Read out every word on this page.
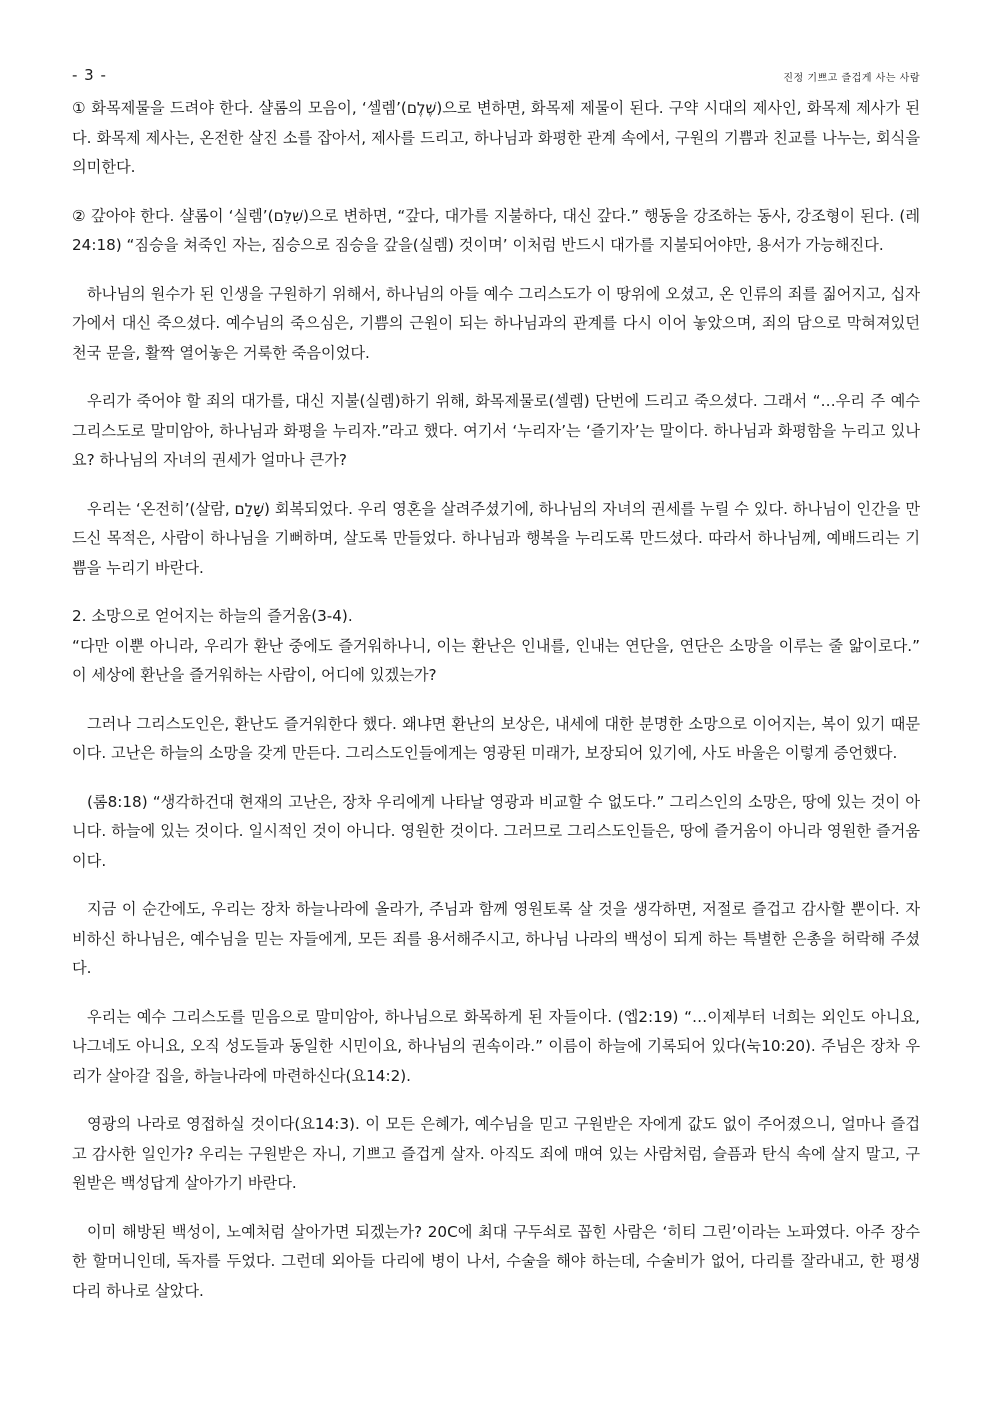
- 3 -	진정 기쁘고 즐겁게 사는 사람

① 화목제물을 드려야 한다. 샬롬의 모음이, ‘셀렘’(שֶׁלֶם)으로 변하면, 화목제 제물이 된다. 구약 시대의 제사인, 화목제 제사가 된다. 화목제 제사는, 온전한 살진 소를 잡아서, 제사를 드리고, 하나님과 화평한 관계 속에서, 구원의 기쁨과 친교를 나누는, 회식을 의미한다.

② 갚아야 한다. 샬롬이 ‘실렘’(שִׁלֵּם)으로 변하면, “갚다, 대가를 지불하다, 대신 갚다.” 행동을 강조하는 동사, 강조형이 된다. (레24:18) “짐승을 쳐죽인 자는, 짐승으로 짐승을 갚을(실렘) 것이며’ 이처럼 반드시 대가를 지불되어야만, 용서가 가능해진다.

하나님의 원수가 된 인생을 구원하기 위해서, 하나님의 아들 예수 그리스도가 이 땅위에 오셨고, 온 인류의 죄를 짊어지고, 십자가에서 대신 죽으셨다. 예수님의 죽으심은, 기쁨의 근원이 되는 하나님과의 관계를 다시 이어 놓았으며, 죄의 담으로 막혀져있던 천국 문을, 활짝 열어놓은 거룩한 죽음이었다.

우리가 죽어야 할 죄의 대가를, 대신 지불(실렘)하기 위해, 화목제물로(셀렘) 단번에 드리고 죽으셨다. 그래서 “…우리 주 예수 그리스도로 말미암아, 하나님과 화평을 누리자.”라고 했다. 여기서 ‘누리자’는 ‘즐기자’는 말이다. 하나님과 화평함을 누리고 있나요? 하나님의 자녀의 권세가 얼마나 큰가?

우리는 ‘온전히’(살람, שָׁלַם) 회복되었다. 우리 영혼을 살려주셨기에, 하나님의 자녀의 권세를 누릴 수 있다. 하나님이 인간을 만드신 목적은, 사람이 하나님을 기뻐하며, 살도록 만들었다. 하나님과 행복을 누리도록 만드셨다. 따라서 하나님께, 예배드리는 기쁨을 누리기 바란다.

2. 소망으로 얻어지는 하늘의 즐거움(3-4).

“다만 이뿐 아니라, 우리가 환난 중에도 즐거워하나니, 이는 환난은 인내를, 인내는 연단을, 연단은 소망을 이루는 줄 앎이로다.” 이 세상에 환난을 즐거워하는 사람이, 어디에 있겠는가?

그러나 그리스도인은, 환난도 즐거워한다 했다. 왜냐면 환난의 보상은, 내세에 대한 분명한 소망으로 이어지는, 복이 있기 때문이다. 고난은 하늘의 소망을 갖게 만든다. 그리스도인들에게는 영광된 미래가, 보장되어 있기에, 사도 바울은 이렇게 증언했다.

(롬8:18) “생각하건대 현재의 고난은, 장차 우리에게 나타날 영광과 비교할 수 없도다.” 그리스인의 소망은, 땅에 있는 것이 아니다. 하늘에 있는 것이다. 일시적인 것이 아니다. 영원한 것이다. 그러므로 그리스도인들은, 땅에 즐거움이 아니라 영원한 즐거움이다.

지금 이 순간에도, 우리는 장차 하늘나라에 올라가, 주님과 함께 영원토록 살 것을 생각하면, 저절로 즐겁고 감사할 뿐이다. 자비하신 하나님은, 예수님을 믿는 자들에게, 모든 죄를 용서해주시고, 하나님 나라의 백성이 되게 하는 특별한 은총을 허락해 주셨다.

우리는 예수 그리스도를 믿음으로 말미암아, 하나님으로 화목하게 된 자들이다. (엡2:19) “…이제부터 너희는 외인도 아니요, 나그네도 아니요, 오직 성도들과 동일한 시민이요, 하나님의 권속이라.” 이름이 하늘에 기록되어 있다(눅10:20). 주님은 장차 우리가 살아갈 집을, 하늘나라에 마련하신다(요14:2).

영광의 나라로 영접하실 것이다(요14:3). 이 모든 은혜가, 예수님을 믿고 구원받은 자에게 값도 없이 주어졌으니, 얼마나 즐겁고 감사한 일인가? 우리는 구원받은 자니, 기쁘고 즐겁게 살자. 아직도 죄에 매여 있는 사람처럼, 슬픔과 탄식 속에 살지 말고, 구원받은 백성답게 살아가기 바란다.

이미 해방된 백성이, 노예처럼 살아가면 되겠는가? 20C에 최대 구두쇠로 꼽힌 사람은 ‘히티 그린’이라는 노파였다. 아주 장수한 할머니인데, 독자를 두었다. 그런데 외아들 다리에 병이 나서, 수술을 해야 하는데, 수술비가 없어, 다리를 잘라내고, 한 평생 다리 하나로 살았다.
